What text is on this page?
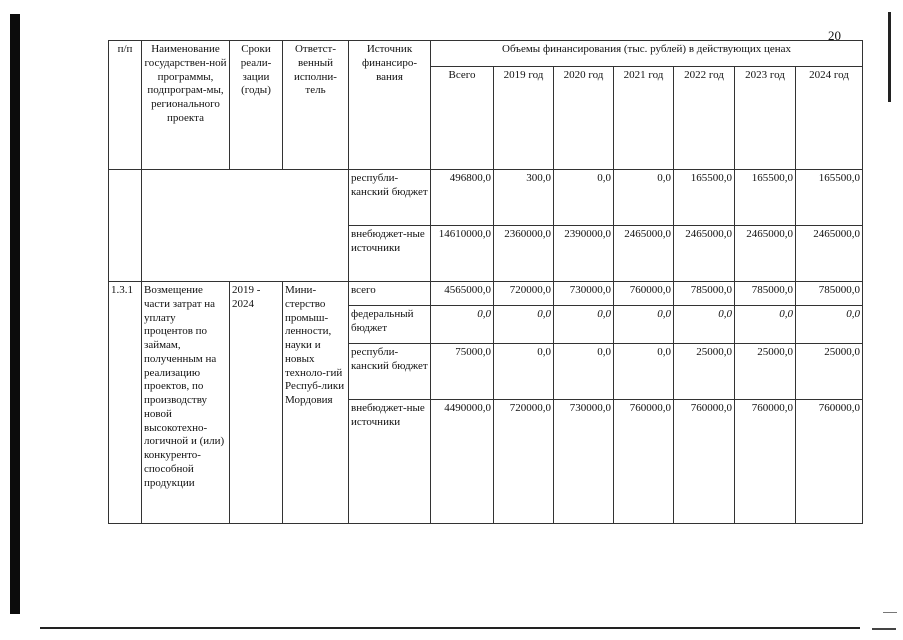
20
п/п	Наименование государствен-ной программы, подпрограм-мы, регионального проекта	Сроки реали-зации (годы)	Ответст-венный исполни-тель	Источник финансиро-вания	Объемы финансирования (тыс. рублей) в действующих ценах						
					Всего	2019 год	2020 год	2021 год	2022 год	2023 год	2024 год
				республи-канский бюджет	496800,0	300,0	0,0	0,0	165500,0	165500,0	165500,0
				внебюджет-ные источники	14610000,0	2360000,0	2390000,0	2465000,0	2465000,0	2465000,0	2465000,0
1.3.1	Возмещение части затрат на уплату процентов по займам, полученным на реализацию проектов, по производству новой высокотехно-логичной и (или) конкуренто-способной продукции	2019 - 2024	Мини-стерство промыш-ленности, науки и новых техноло-гий Респуб-лики Мордовия	всего	4565000,0	720000,0	730000,0	760000,0	785000,0	785000,0	785000,0
				федеральный бюджет	0,0	0,0	0,0	0,0	0,0	0,0	0,0
				республи-канский бюджет	75000,0	0,0	0,0	0,0	25000,0	25000,0	25000,0
				внебюджет-ные источники	4490000,0	720000,0	730000,0	760000,0	760000,0	760000,0	760000,0
